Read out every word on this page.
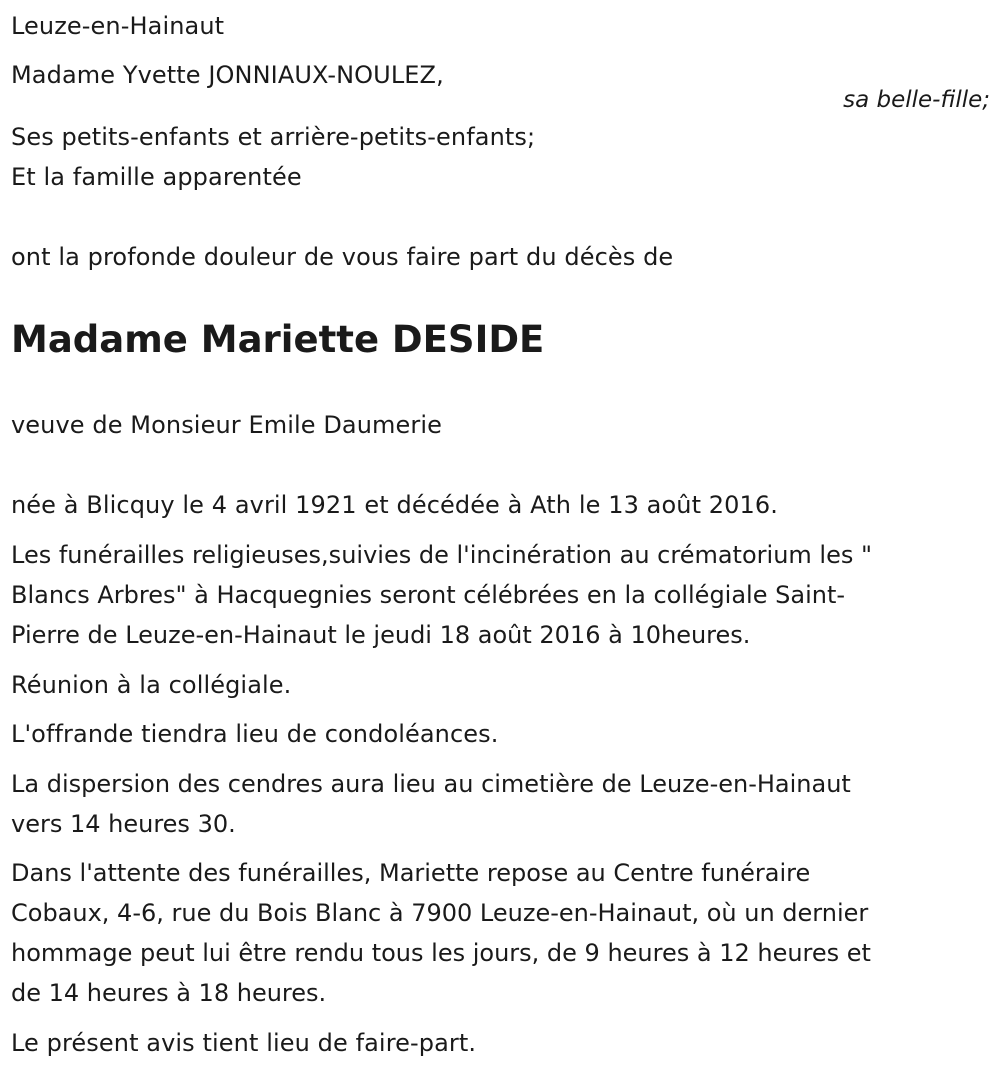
Leuze-en-Hainaut
Madame Yvette JONNIAUX-NOULEZ,
sa belle-fille;
Ses petits-enfants et arrière-petits-enfants;
Et la famille apparentée
ont la profonde douleur de vous faire part du décès de
Madame Mariette DESIDE
veuve de Monsieur Emile Daumerie
née à Blicquy le 4 avril 1921 et décédée à Ath le 13 août 2016.
Les funérailles religieuses,suivies de l'incinération au crématorium les "
Blancs Arbres" à Hacquegnies seront célébrées en la collégiale Saint-
Pierre de Leuze-en-Hainaut le jeudi 18 août 2016 à 10heures.
Réunion à la collégiale.
L'offrande tiendra lieu de condoléances.
La dispersion des cendres aura lieu au cimetière de Leuze-en-Hainaut
vers 14 heures 30.
Dans l'attente des funérailles, Mariette repose au Centre funéraire
Cobaux, 4-6, rue du Bois Blanc à 7900 Leuze-en-Hainaut, où un dernier
hommage peut lui être rendu tous les jours, de 9 heures à 12 heures et
de 14 heures à 18 heures.
Le présent avis tient lieu de faire-part.
